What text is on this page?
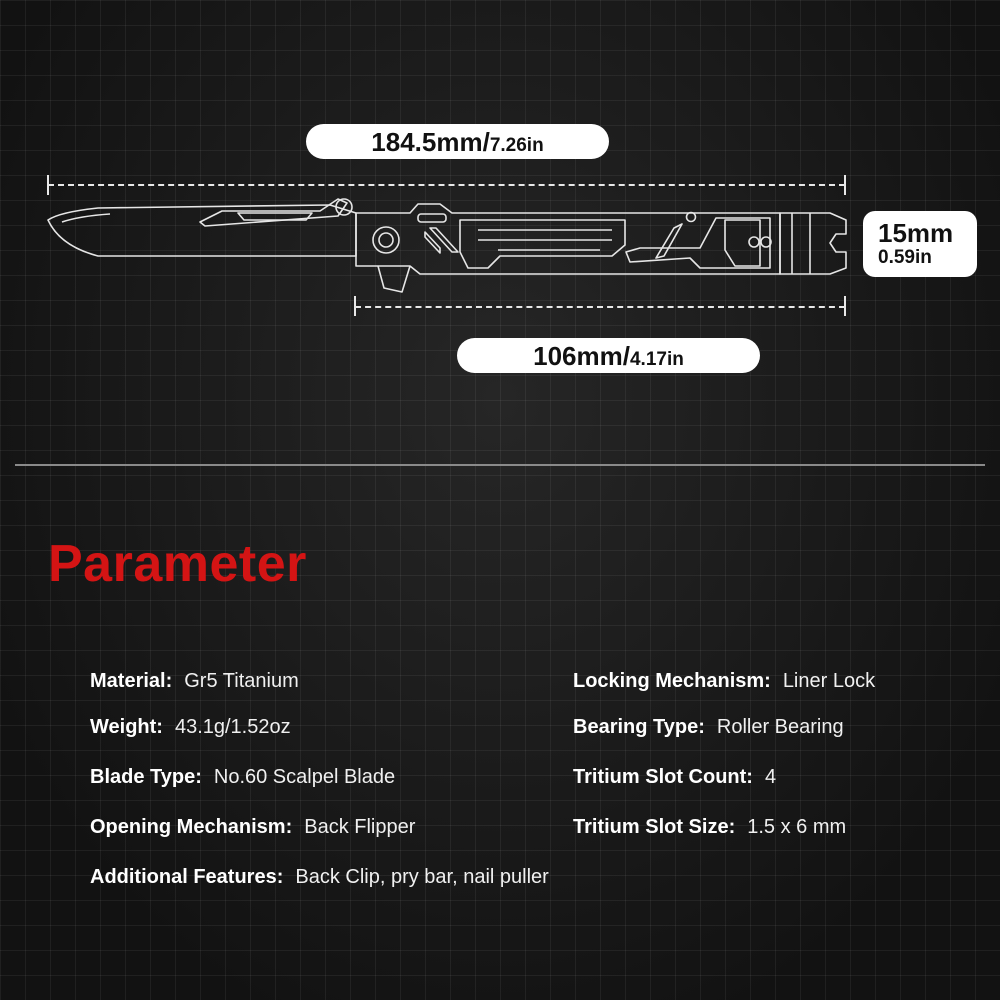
184.5mm/ 7.26in
15mm
0.59in
106mm/ 4.17in
Parameter
Material: Gr5 Titanium
Weight: 43.1g/1.52oz
Blade Type: No.60 Scalpel Blade
Opening Mechanism: Back Flipper
Additional Features: Back Clip, pry bar, nail puller
Locking Mechanism: Liner Lock
Bearing Type: Roller Bearing
Tritium Slot Count: 4
Tritium Slot Size: 1.5 x 6 mm
